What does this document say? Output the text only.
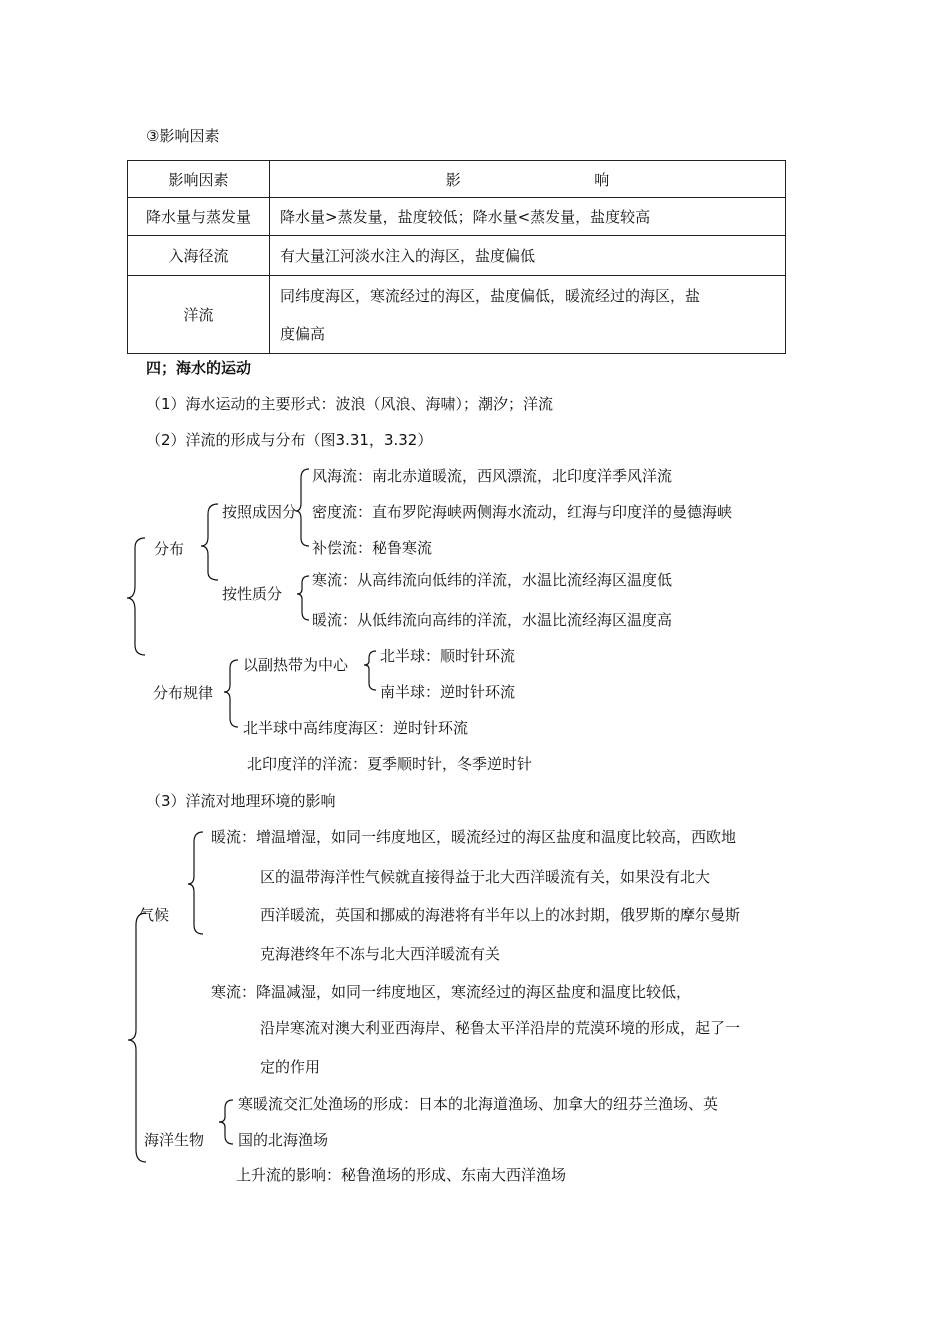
③影响因素
影响因素	影 响
降水量与蒸发量	降水量>蒸发量，盐度较低；降水量<蒸发量，盐度较高
入海径流	有大量江河淡水注入的海区，盐度偏低
洋流	同纬度海区，寒流经过的海区，盐度偏低，暖流经过的海区，盐
度偏高
四；海水的运动
（1）海水运动的主要形式：波浪（风浪、海啸）；潮汐；洋流
（2）洋流的形成与分布（图3.31，3.32）
风海流：南北赤道暖流，西风漂流，北印度洋季风洋流
按照成因分 密度流：直布罗陀海峡两侧海水流动，红海与印度洋的曼德海峡
分布	补偿流：秘鲁寒流
寒流：从高纬流向低纬的洋流，水温比流经海区温度低
按性质分
暖流：从低纬流向高纬的洋流，水温比流经海区温度高
北半球：顺时针环流
以副热带为中心
分布规律	南半球：逆时针环流
北半球中高纬度海区：逆时针环流
北印度洋的洋流：夏季顺时针，冬季逆时针
（3）洋流对地理环境的影响
暖流：增温增湿，如同一纬度地区，暖流经过的海区盐度和温度比较高，西欧地
区的温带海洋性气候就直接得益于北大西洋暖流有关，如果没有北大
气候	西洋暖流，英国和挪威的海港将有半年以上的冰封期，俄罗斯的摩尔曼斯
克海港终年不冻与北大西洋暖流有关
寒流：降温减湿，如同一纬度地区，寒流经过的海区盐度和温度比较低，
沿岸寒流对澳大利亚西海岸、秘鲁太平洋沿岸的荒漠环境的形成，起了一
定的作用
寒暖流交汇处渔场的形成：日本的北海道渔场、加拿大的纽芬兰渔场、英
海洋生物 国的北海渔场
上升流的影响：秘鲁渔场的形成、东南大西洋渔场
